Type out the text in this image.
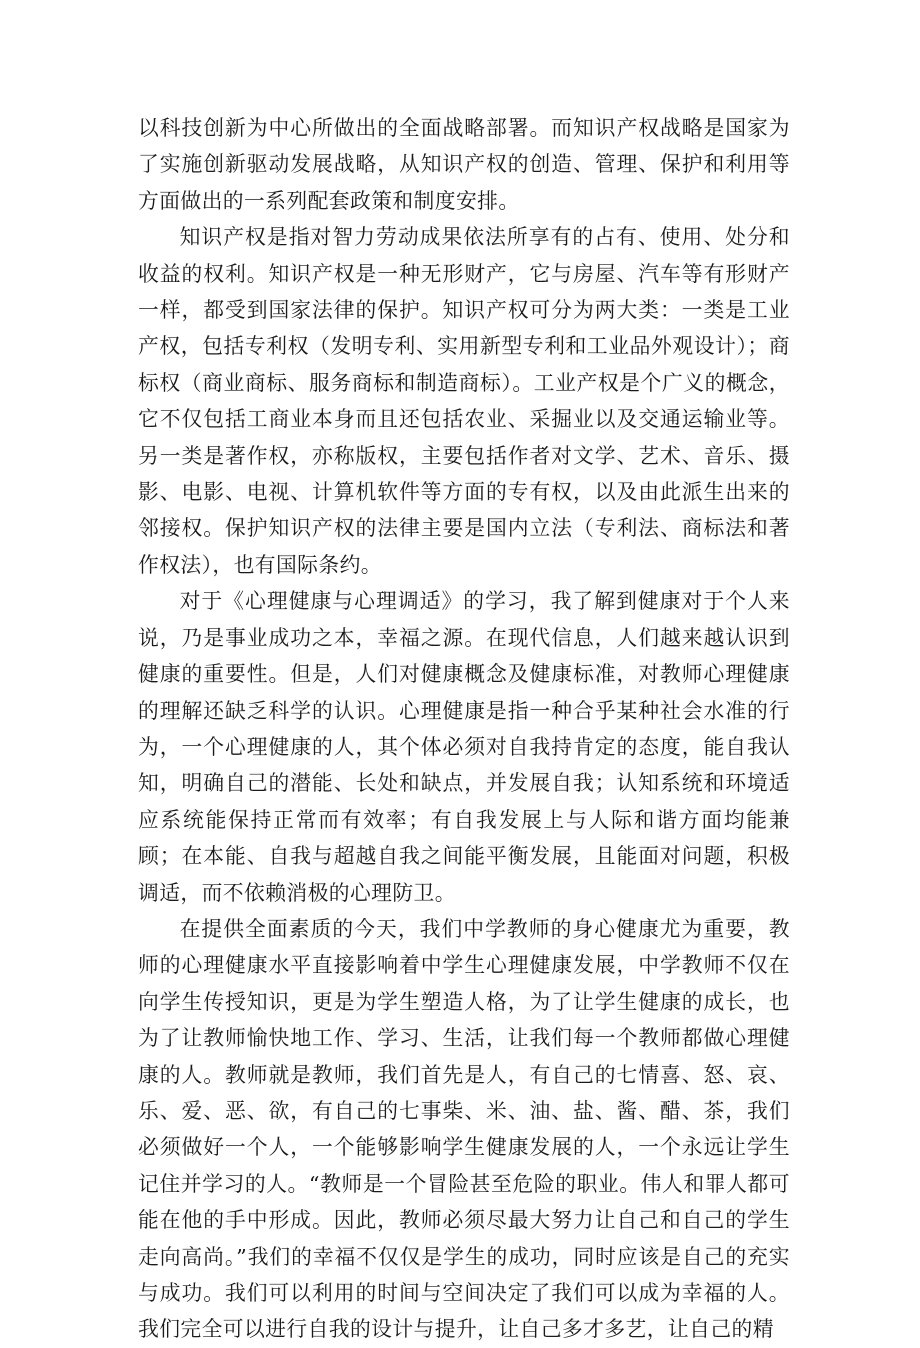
以科技创新为中心所做出的全面战略部署。而知识产权战略是国家为了实施创新驱动发展战略，从知识产权的创造、管理、保护和利用等方面做出的一系列配套政策和制度安排。

知识产权是指对智力劳动成果依法所享有的占有、使用、处分和收益的权利。知识产权是一种无形财产，它与房屋、汽车等有形财产一样，都受到国家法律的保护。知识产权可分为两大类：一类是工业产权，包括专利权（发明专利、实用新型专利和工业品外观设计）；商标权（商业商标、服务商标和制造商标）。工业产权是个广义的概念，它不仅包括工商业本身而且还包括农业、采掘业以及交通运输业等。另一类是著作权，亦称版权，主要包括作者对文学、艺术、音乐、摄影、电影、电视、计算机软件等方面的专有权，以及由此派生出来的邻接权。保护知识产权的法律主要是国内立法（专利法、商标法和著作权法），也有国际条约。

对于《心理健康与心理调适》的学习，我了解到健康对于个人来说，乃是事业成功之本，幸福之源。在现代信息，人们越来越认识到健康的重要性。但是，人们对健康概念及健康标准，对教师心理健康的理解还缺乏科学的认识。心理健康是指一种合乎某种社会水准的行为，一个心理健康的人，其个体必须对自我持肯定的态度，能自我认知，明确自己的潜能、长处和缺点，并发展自我；认知系统和环境适应系统能保持正常而有效率；有自我发展上与人际和谐方面均能兼顾；在本能、自我与超越自我之间能平衡发展，且能面对问题，积极调适，而不依赖消极的心理防卫。

在提供全面素质的今天，我们中学教师的身心健康尤为重要，教师的心理健康水平直接影响着中学生心理健康发展，中学教师不仅在向学生传授知识，更是为学生塑造人格，为了让学生健康的成长，也为了让教师愉快地工作、学习、生活，让我们每一个教师都做心理健康的人。教师就是教师，我们首先是人，有自己的七情喜、怒、哀、乐、爱、恶、欲，有自己的七事柴、米、油、盐、酱、醋、茶，我们必须做好一个人，一个能够影响学生健康发展的人，一个永远让学生记住并学习的人。“教师是一个冒险甚至危险的职业。伟人和罪人都可能在他的手中形成。因此，教师必须尽最大努力让自己和自己的学生走向高尚。”我们的幸福不仅仅是学生的成功，同时应该是自己的充实与成功。我们可以利用的时间与空间决定了我们可以成为幸福的人。我们完全可以进行自我的设计与提升，让自己多才多艺，让自己的精
